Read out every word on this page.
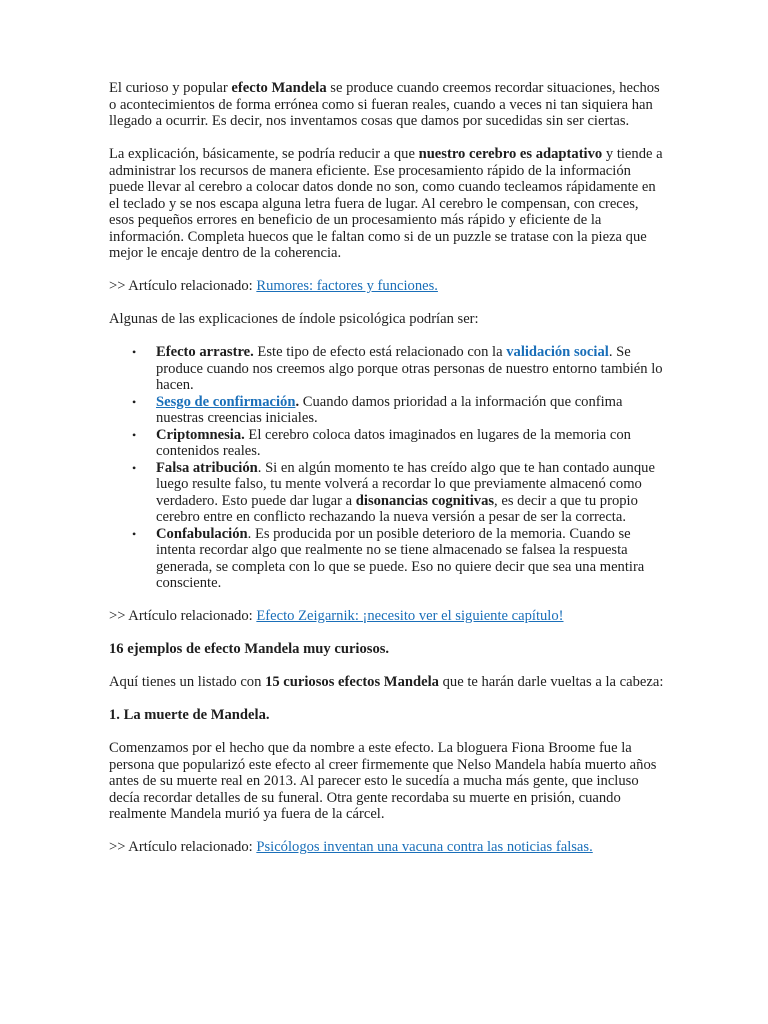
El curioso y popular efecto Mandela se produce cuando creemos recordar situaciones, hechos o acontecimientos de forma errónea como si fueran reales, cuando a veces ni tan siquiera han llegado a ocurrir. Es decir, nos inventamos cosas que damos por sucedidas sin ser ciertas.

La explicación, básicamente, se podría reducir a que nuestro cerebro es adaptativo y tiende a administrar los recursos de manera eficiente. Ese procesamiento rápido de la información puede llevar al cerebro a colocar datos donde no son, como cuando tecleamos rápidamente en el teclado y se nos escapa alguna letra fuera de lugar. Al cerebro le compensan, con creces, esos pequeños errores en beneficio de un procesamiento más rápido y eficiente de la información. Completa huecos que le faltan como si de un puzzle se tratase con la pieza que mejor le encaje dentro de la coherencia.

>> Artículo relacionado: Rumores: factores y funciones.

Algunas de las explicaciones de índole psicológica podrían ser:

• Efecto arrastre. Este tipo de efecto está relacionado con la validación social. Se produce cuando nos creemos algo porque otras personas de nuestro entorno también lo hacen.
• Sesgo de confirmación. Cuando damos prioridad a la información que confima nuestras creencias iniciales.
• Criptomnesia. El cerebro coloca datos imaginados en lugares de la memoria con contenidos reales.
• Falsa atribución. Si en algún momento te has creído algo que te han contado aunque luego resulte falso, tu mente volverá a recordar lo que previamente almacenó como verdadero. Esto puede dar lugar a disonancias cognitivas, es decir a que tu propio cerebro entre en conflicto rechazando la nueva versión a pesar de ser la correcta.
• Confabulación. Es producida por un posible deterioro de la memoria. Cuando se intenta recordar algo que realmente no se tiene almacenado se falsea la respuesta generada, se completa con lo que se puede. Eso no quiere decir que sea una mentira consciente.

>> Artículo relacionado: Efecto Zeigarnik: ¡necesito ver el siguiente capítulo!

16 ejemplos de efecto Mandela muy curiosos.

Aquí tienes un listado con 15 curiosos efectos Mandela que te harán darle vueltas a la cabeza:

1. La muerte de Mandela.

Comenzamos por el hecho que da nombre a este efecto. La bloguera Fiona Broome fue la persona que popularizó este efecto al creer firmemente que Nelso Mandela había muerto años antes de su muerte real en 2013. Al parecer esto le sucedía a mucha más gente, que incluso decía recordar detalles de su funeral. Otra gente recordaba su muerte en prisión, cuando realmente Mandela murió ya fuera de la cárcel.

>> Artículo relacionado: Psicólogos inventan una vacuna contra las noticias falsas.
